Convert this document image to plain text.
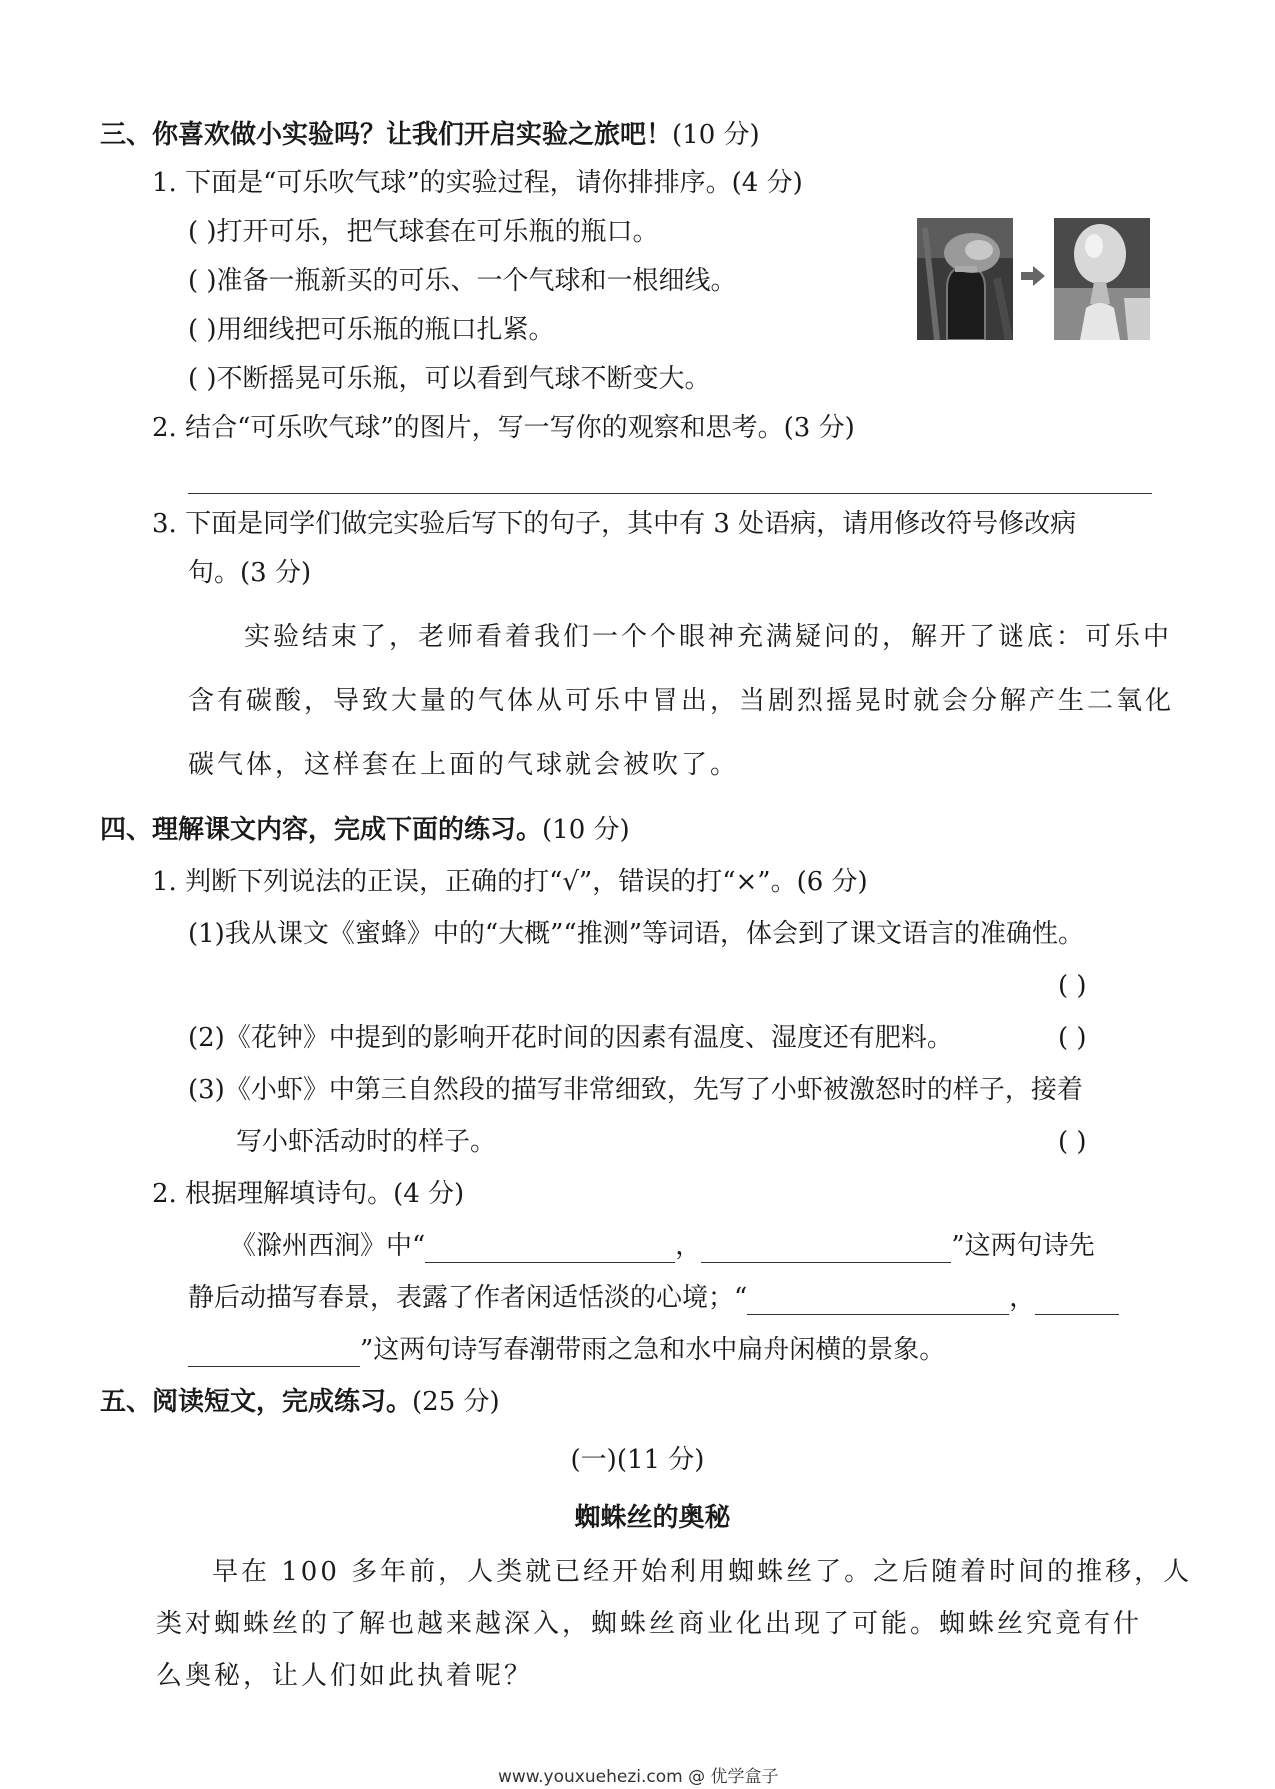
三、你喜欢做小实验吗？让我们开启实验之旅吧！(10 分)
1. 下面是“可乐吹气球”的实验过程，请你排排序。(4 分)
( )打开可乐，把气球套在可乐瓶的瓶口。
( )准备一瓶新买的可乐、一个气球和一根细线。
( )用细线把可乐瓶的瓶口扎紧。
( )不断摇晃可乐瓶，可以看到气球不断变大。
2. 结合“可乐吹气球”的图片，写一写你的观察和思考。(3 分)
3. 下面是同学们做完实验后写下的句子，其中有 3 处语病，请用修改符号修改病
句。(3 分)
实验结束了，老师看着我们一个个眼神充满疑问的，解开了谜底：可乐中
含有碳酸，导致大量的气体从可乐中冒出，当剧烈摇晃时就会分解产生二氧化
碳气体，这样套在上面的气球就会被吹了。
四、理解课文内容，完成下面的练习。(10 分)
1. 判断下列说法的正误，正确的打“√”，错误的打“×”。(6 分)
(1)我从课文《蜜蜂》中的“大概”“推测”等词语，体会到了课文语言的准确性。
( )
(2)《花钟》中提到的影响开花时间的因素有温度、湿度还有肥料。	( )
(3)《小虾》中第三自然段的描写非常细致，先写了小虾被激怒时的样子，接着
写小虾活动时的样子。	( )
2. 根据理解填诗句。(4 分)
《滁州西涧》中“	，	”这两句诗先
静后动描写春景，表露了作者闲适恬淡的心境；“	，
”这两句诗写春潮带雨之急和水中扁舟闲横的景象。
五、阅读短文，完成练习。(25 分)
(一)(11 分)
蜘蛛丝的奥秘
早在 100 多年前，人类就已经开始利用蜘蛛丝了。之后随着时间的推移，人
类对蜘蛛丝的了解也越来越深入，蜘蛛丝商业化出现了可能。蜘蛛丝究竟有什
么奥秘，让人们如此执着呢？
www.youxuehezi.com @ 优学盒子
